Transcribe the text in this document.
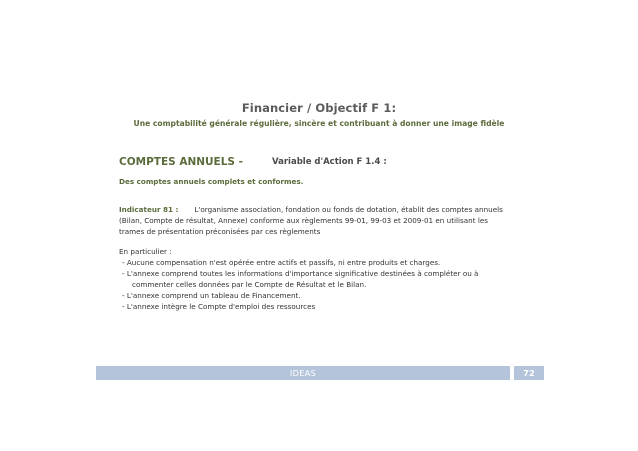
Financier / Objectif F 1:
Une comptabilité générale régulière, sincère et contribuant à donner une image fidèle
COMPTES ANNUELS -	Variable d'Action F 1.4 :
Des comptes annuels complets et conformes.
Indicateur 81 : L'organisme association, fondation ou fonds de dotation, établit des comptes annuels
(Bilan, Compte de résultat, Annexe) conforme aux règlements 99-01, 99-03 et 2009-01 en utilisant les
trames de présentation préconisées par ces règlements
En particulier :
- Aucune compensation n'est opérée entre actifs et passifs, ni entre produits et charges.
- L'annexe comprend toutes les informations d'importance significative destinées à compléter ou à
commenter celles données par le Compte de Résultat et le Bilan.
- L'annexe comprend un tableau de Financement.
- L'annexe intègre le Compte d'emploi des ressources
IDEAS	72
